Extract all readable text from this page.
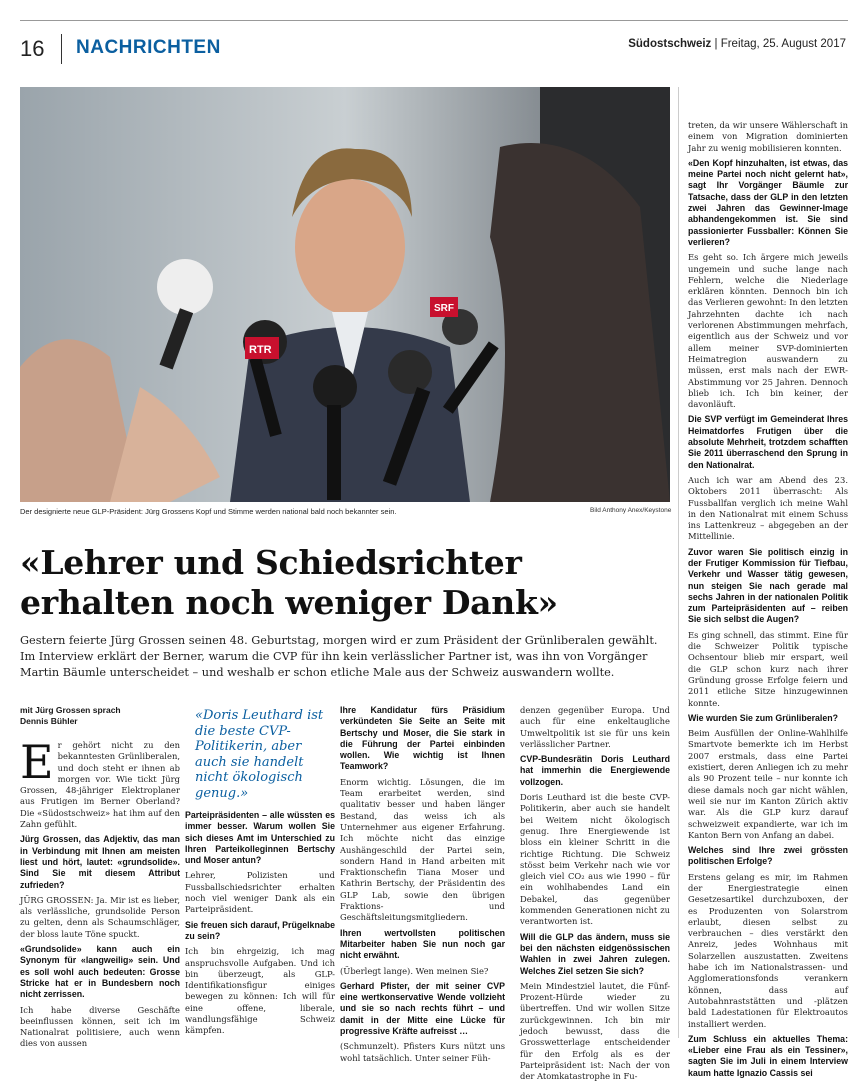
16 NACHRICHTEN	Südostschweiz | Freitag, 25. August 2017
RTR
SRF
Der designierte neue GLP-Präsident: Jürg Grossens Kopf und Stimme werden national bald noch bekannter sein.	Bild Anthony Anex/Keystone
«Lehrer und Schiedsrichter erhalten noch weniger Dank»

Gestern feierte Jürg Grossen seinen 48. Geburtstag, morgen wird er zum Präsident der Grünliberalen gewählt. Im Interview erklärt der Berner, warum die CVP für ihn kein verlässlicher Partner ist, was ihn von Vorgänger Martin Bäumle unterscheidet – und weshalb er schon etliche Male aus der Schweiz auswandern wollte.

mit Jürg Grossen sprach
Dennis Bühler	«Doris Leuthard ist die beste CVP-Politikerin, aber auch sie handelt nicht ökologisch genug.»

Er gehört nicht zu den bekanntesten Grünliberalen, und doch steht er ihnen ab morgen vor. Wie tickt Jürg Grossen, 48-jähriger Elektroplaner aus Frutigen im Berner Oberland? Die «Südostschweiz» hat ihm auf den Zahn gefühlt.

Jürg Grossen, das Adjektiv, das man in Verbindung mit Ihnen am meisten liest und hört, lautet: «grundsolide». Sind Sie mit diesem Attribut zufrieden?

JÜRG GROSSEN: Ja. Mir ist es lieber, als verlässliche, grundsolide Person zu gelten, denn als Schaumschläger, der bloss laute Töne spuckt.

«Grundsolide» kann auch ein Synonym für «langweilig» sein. Und es soll wohl auch bedeuten: Grosse Stricke hat er in Bundesbern noch nicht zerrissen.

Ich habe diverse Geschäfte beeinflussen können, seit ich im Nationalrat politisiere, auch wenn dies von aussen

Parteipräsidenten – alle wüssten es immer besser. Warum wollen Sie sich dieses Amt im Unterschied zu Ihren Parteikolleginnen Bertschy und Moser antun?

Lehrer, Polizisten und Fussballschiedsrichter erhalten noch viel weniger Dank als ein Parteipräsident.

Sie freuen sich darauf, Prügelknabe zu sein?

Ich bin ehrgeizig, ich mag anspruchsvolle Aufgaben. Und ich bin überzeugt, als GLP-Identifikationsfigur einiges bewegen zu können: Ich will für eine offene, liberale, wandlungsfähige Schweiz kämpfen.

Ihre Kandidatur fürs Präsidium verkündeten Sie Seite an Seite mit Bertschy und Moser, die Sie stark in die Führung der Partei einbinden wollen. Wie wichtig ist Ihnen Teamwork?

Enorm wichtig. Lösungen, die im Team erarbeitet werden, sind qualitativ besser und haben länger Bestand, das weiss ich als Unternehmer aus eigener Erfahrung. Ich möchte nicht das einzige Aushängeschild der Partei sein, sondern Hand in Hand arbeiten mit Fraktionschefin Tiana Moser und Kathrin Bertschy, der Präsidentin des GLP Lab, sowie den übrigen Fraktions- und Geschäftsleitungsmitgliedern.

Ihren wertvollsten politischen Mitarbeiter haben Sie nun noch gar nicht erwähnt.

(Überlegt lange). Wen meinen Sie?

Gerhard Pfister, der mit seiner CVP eine wertkonservative Wende vollzieht und sie so nach rechts führt – und damit in der Mitte eine Lücke für progressive Kräfte aufreisst …

(Schmunzelt). Pfisters Kurs nützt uns wohl tatsächlich. Unter seiner Füh-

denzen gegenüber Europa. Und auch für eine enkeltaugliche Umweltpolitik ist sie für uns kein verlässlicher Partner.

CVP-Bundesrätin Doris Leuthard hat immerhin die Energiewende vollzogen.

Doris Leuthard ist die beste CVP-Politikerin, aber auch sie handelt bei Weitem nicht ökologisch genug. Ihre Energiewende ist bloss ein kleiner Schritt in die richtige Richtung. Die Schweiz stösst beim Verkehr nach wie vor gleich viel CO₂ aus wie 1990 – für ein wohlhabendes Land ein Debakel, das gegenüber kommenden Generationen nicht zu verantworten ist.

Will die GLP das ändern, muss sie bei den nächsten eidgenössischen Wahlen in zwei Jahren zulegen. Welches Ziel setzen Sie sich?

Mein Mindestziel lautet, die Fünf-Prozent-Hürde wieder zu übertreffen. Und wir wollen Sitze zurückgewinnen. Ich bin mir jedoch bewusst, dass die Grosswetterlage entscheidender für den Erfolg als es der Parteipräsident ist: Nach der von der Atomkatastrophe in Fu-

treten, da wir unsere Wählerschaft in einem von Migration dominierten Jahr zu wenig mobilisieren konnten.

«Den Kopf hinzuhalten, ist etwas, das meine Partei noch nicht gelernt hat», sagt Ihr Vorgänger Bäumle zur Tatsache, dass der GLP in den letzten zwei Jahren das Gewinner-Image abhandengekommen ist. Sie sind passionierter Fussballer: Können Sie verlieren?

Es geht so. Ich ärgere mich jeweils ungemein und suche lange nach Fehlern, welche die Niederlage erklären könnten. Dennoch bin ich das Verlieren gewohnt: In den letzten Jahrzehnten dachte ich nach verlorenen Abstimmungen mehrfach, eigentlich aus der Schweiz und vor allem meiner SVP-dominierten Heimatregion auswandern zu müssen, erst mals nach der EWR-Abstimmung vor 25 Jahren. Dennoch blieb ich. Ich bin keiner, der davonläuft.

Die SVP verfügt im Gemeinderat Ihres Heimatdorfes Frutigen über die absolute Mehrheit, trotzdem schafften Sie 2011 überraschend den Sprung in den Nationalrat.

Auch ich war am Abend des 23. Oktobers 2011 überrascht: Als Fussballfan verglich ich meine Wahl in den Nationalrat mit einem Schuss ins Lattenkreuz – abgegeben an der Mittellinie.

Zuvor waren Sie politisch einzig in der Frutiger Kommission für Tiefbau, Verkehr und Wasser tätig gewesen, nun steigen Sie nach gerade mal sechs Jahren in der nationalen Politik zum Parteipräsidenten auf – reiben Sie sich selbst die Augen?

Es ging schnell, das stimmt. Eine für die Schweizer Politik typische Ochsentour blieb mir erspart, weil die GLP schon kurz nach ihrer Gründung grosse Erfolge feiern und 2011 etliche Sitze hinzugewinnen konnte.

Wie wurden Sie zum Grünliberalen?

Beim Ausfüllen der Online-Wahlhilfe Smartvote bemerkte ich im Herbst 2007 erstmals, dass eine Partei existiert, deren Anliegen ich zu mehr als 90 Prozent teile – nur konnte ich diese damals noch gar nicht wählen, weil sie nur im Kanton Zürich aktiv war. Als die GLP kurz darauf schweizweit expandierte, war ich im Kanton Bern von Anfang an dabei.

Welches sind Ihre zwei grössten politischen Erfolge?

Erstens gelang es mir, im Rahmen der Energiestrategie einen Gesetzesartikel durchzuboxen, der es Produzenten von Solarstrom erlaubt, diesen selbst zu verbrauchen – dies verstärkt den Anreiz, jedes Wohnhaus mit Solarzellen auszustatten. Zweitens habe ich im Nationalstrassen- und Agglomerationsfonds verankern können, dass auf Autobahnraststätten und -plätzen bald Ladestationen für Elektroautos installiert werden.

Zum Schluss ein aktuelles Thema: «Lieber eine Frau als ein Tessiner», sagten Sie im Juli in einem Interview kaum hatte Ignazio Cassis sei
